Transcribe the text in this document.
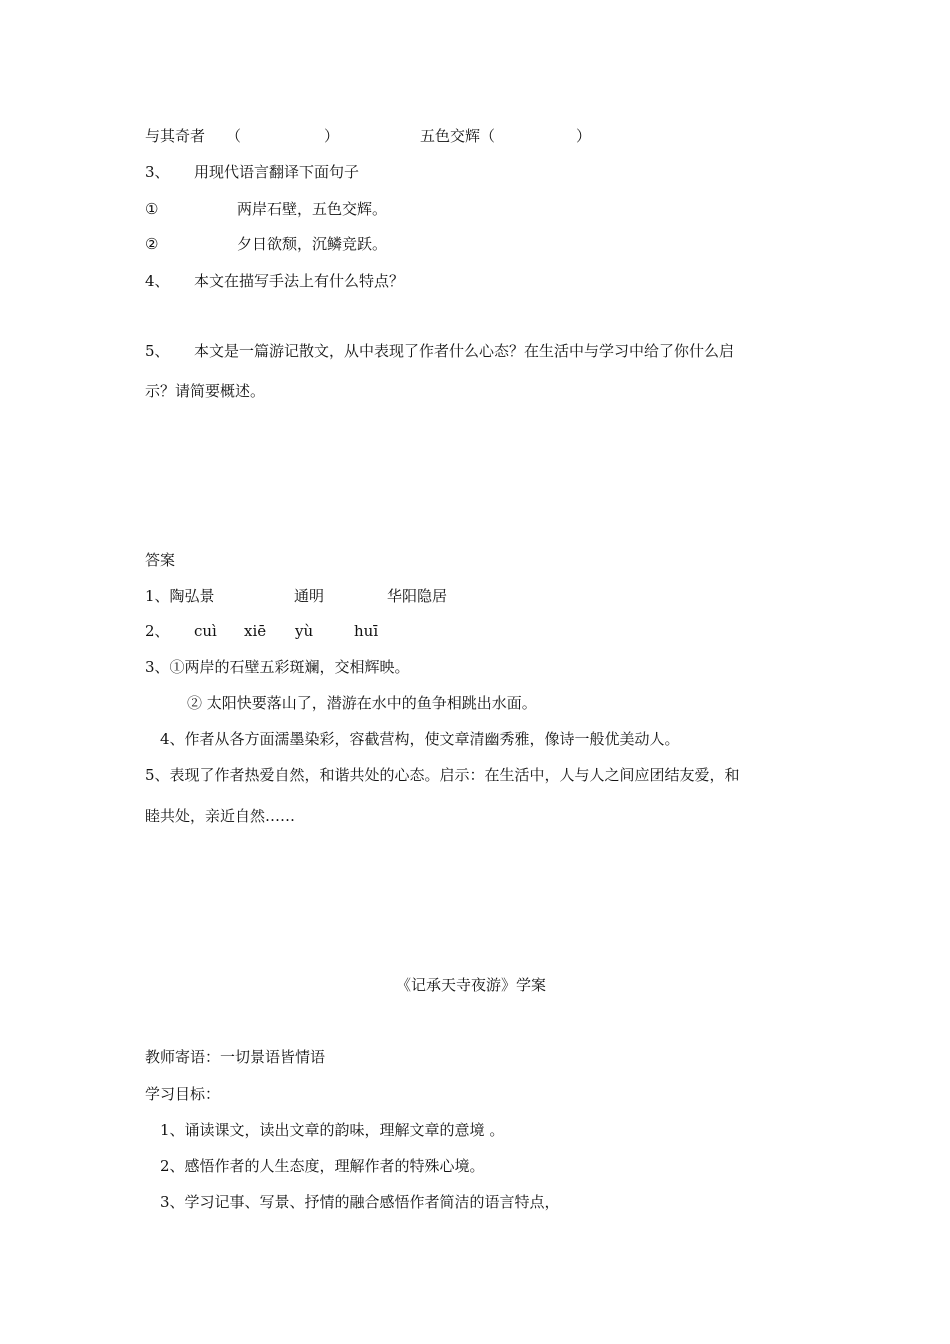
与其奇者 （	）	五色交辉（	）
3、 用现代语言翻译下面句子
①	两岸石壁，五色交辉。
②	夕日欲颓，沉鳞竞跃。
4、 本文在描写手法上有什么特点？
5、 本文是一篇游记散文，从中表现了作者什么心态？在生活中与学习中给了你什么启
示？请简要概述。
答案
1、陶弘景	通明	华阳隐居
2、 cuì xiē yù	huī
3、①两岸的石壁五彩斑斓，交相辉映。
② 太阳快要落山了，潜游在水中的鱼争相跳出水面。
4、作者从各方面濡墨染彩，容截营构，使文章清幽秀雅，像诗一般优美动人。
5、表现了作者热爱自然，和谐共处的心态。启示：在生活中，人与人之间应团结友爱，和
睦共处，亲近自然……
《记承天寺夜游》学案
教师寄语：一切景语皆情语
学习目标：
1、诵读课文，读出文章的韵味，理解文章的意境 。
2、感悟作者的人生态度，理解作者的特殊心境。
3、学习记事、写景、抒情的融合感悟作者简洁的语言特点，
